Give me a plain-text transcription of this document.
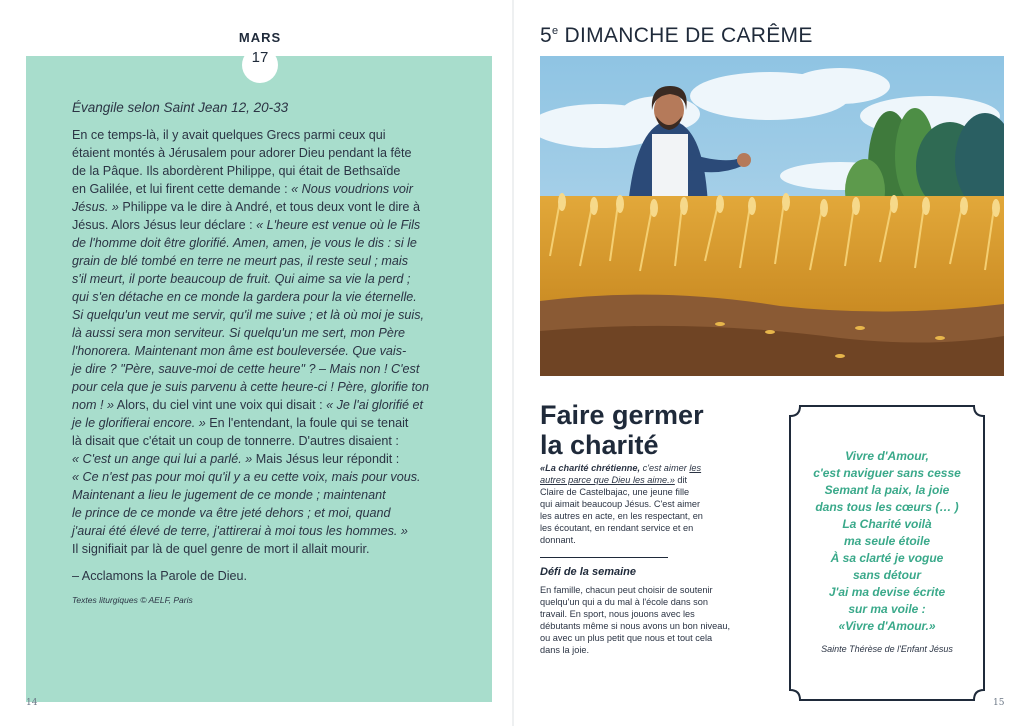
Évangile selon Saint Jean 12, 20-33

En ce temps-là, il y avait quelques Grecs parmi ceux qui

étaient montés à Jérusalem pour adorer Dieu pendant la fête

de la Pâque. Ils abordèrent Philippe, qui était de Bethsaïde

en Galilée, et lui firent cette demande : « Nous voudrions voir

Jésus. » Philippe va le dire à André, et tous deux vont le dire à

Jésus. Alors Jésus leur déclare : « L'heure est venue où le Fils

de l'homme doit être glorifié. Amen, amen, je vous le dis : si le

grain de blé tombé en terre ne meurt pas, il reste seul ; mais

s'il meurt, il porte beaucoup de fruit. Qui aime sa vie la perd ;

qui s'en détache en ce monde la gardera pour la vie éternelle.

Si quelqu'un veut me servir, qu'il me suive ; et là où moi je suis,

là aussi sera mon serviteur. Si quelqu'un me sert, mon Père

l'honorera. Maintenant mon âme est bouleversée. Que vais-

je dire ? "Père, sauve-moi de cette heure" ? – Mais non ! C'est

pour cela que je suis parvenu à cette heure-ci ! Père, glorifie ton

nom ! » Alors, du ciel vint une voix qui disait : « Je l'ai glorifié et

je le glorifierai encore. » En l'entendant, la foule qui se tenait

là disait que c'était un coup de tonnerre. D'autres disaient :

« C'est un ange qui lui a parlé. » Mais Jésus leur répondit :

« Ce n'est pas pour moi qu'il y a eu cette voix, mais pour vous.

Maintenant a lieu le jugement de ce monde ; maintenant

le prince de ce monde va être jeté dehors ; et moi, quand

j'aurai été élevé de terre, j'attirerai à moi tous les hommes. »

Il signifiait par là de quel genre de mort il allait mourir.

– Acclamons la Parole de Dieu.
Textes liturgiques © AELF, Paris
MARS
17
14
5e DIMANCHE DE CARÊME
Faire germer
la charité
«La charité chrétienne, c'est aimer les autres parce que Dieu les aime.» dit Claire de Castelbajac, une jeune fille qui aimait beaucoup Jésus. C'est aimer les autres en acte, en les respectant, en les écoutant, en rendant service et en donnant.
Défi de la semaine
En famille, chacun peut choisir de soutenir quelqu'un qui a du mal à l'école dans son travail. En sport, nous jouons avec les débutants même si nous avons un bon niveau, ou avec un plus petit que nous et tout cela dans la joie.
Vivre d'Amour,
c'est naviguer sans cesse
Semant la paix, la joie
dans tous les cœurs (… )
La Charité voilà
ma seule étoile
À sa clarté je vogue
sans détour
J'ai ma devise écrite
sur ma voile :
«Vivre d'Amour.»
Sainte Thérèse de l'Enfant Jésus
15
